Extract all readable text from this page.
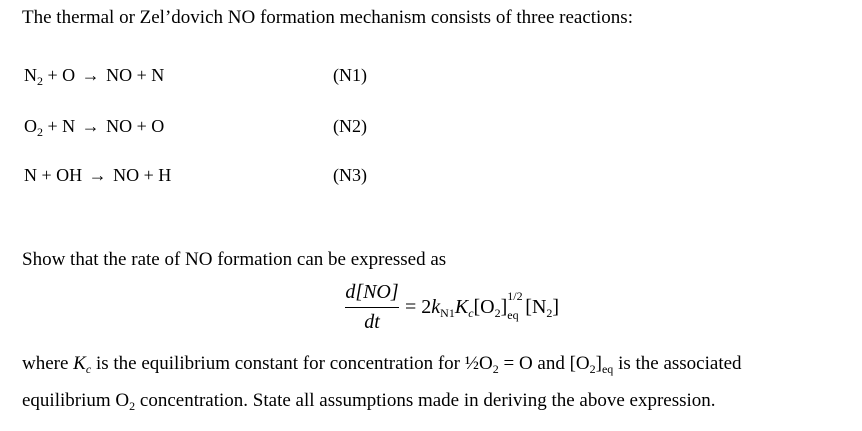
The thermal or Zel’dovich NO formation mechanism consists of three reactions:
$N_2 + O$ → NO + N	(N1)
$O_2 + N$ → NO + O	(N2)
N + OH → NO + H	(N3)
Show that the rate of NO formation can be expressed as
d[NO]
dt
= $2k_{N1}K_c[O_2]$ 1/2
eq $[N_2]$
where $K_c$ is the equilibrium constant for concentration for $\frac{1}{2}O_2 = O$ and $[O_2]_{eq}$ is the associated
equilibrium $O_2$ concentration. State all assumptions made in deriving the above expression.
